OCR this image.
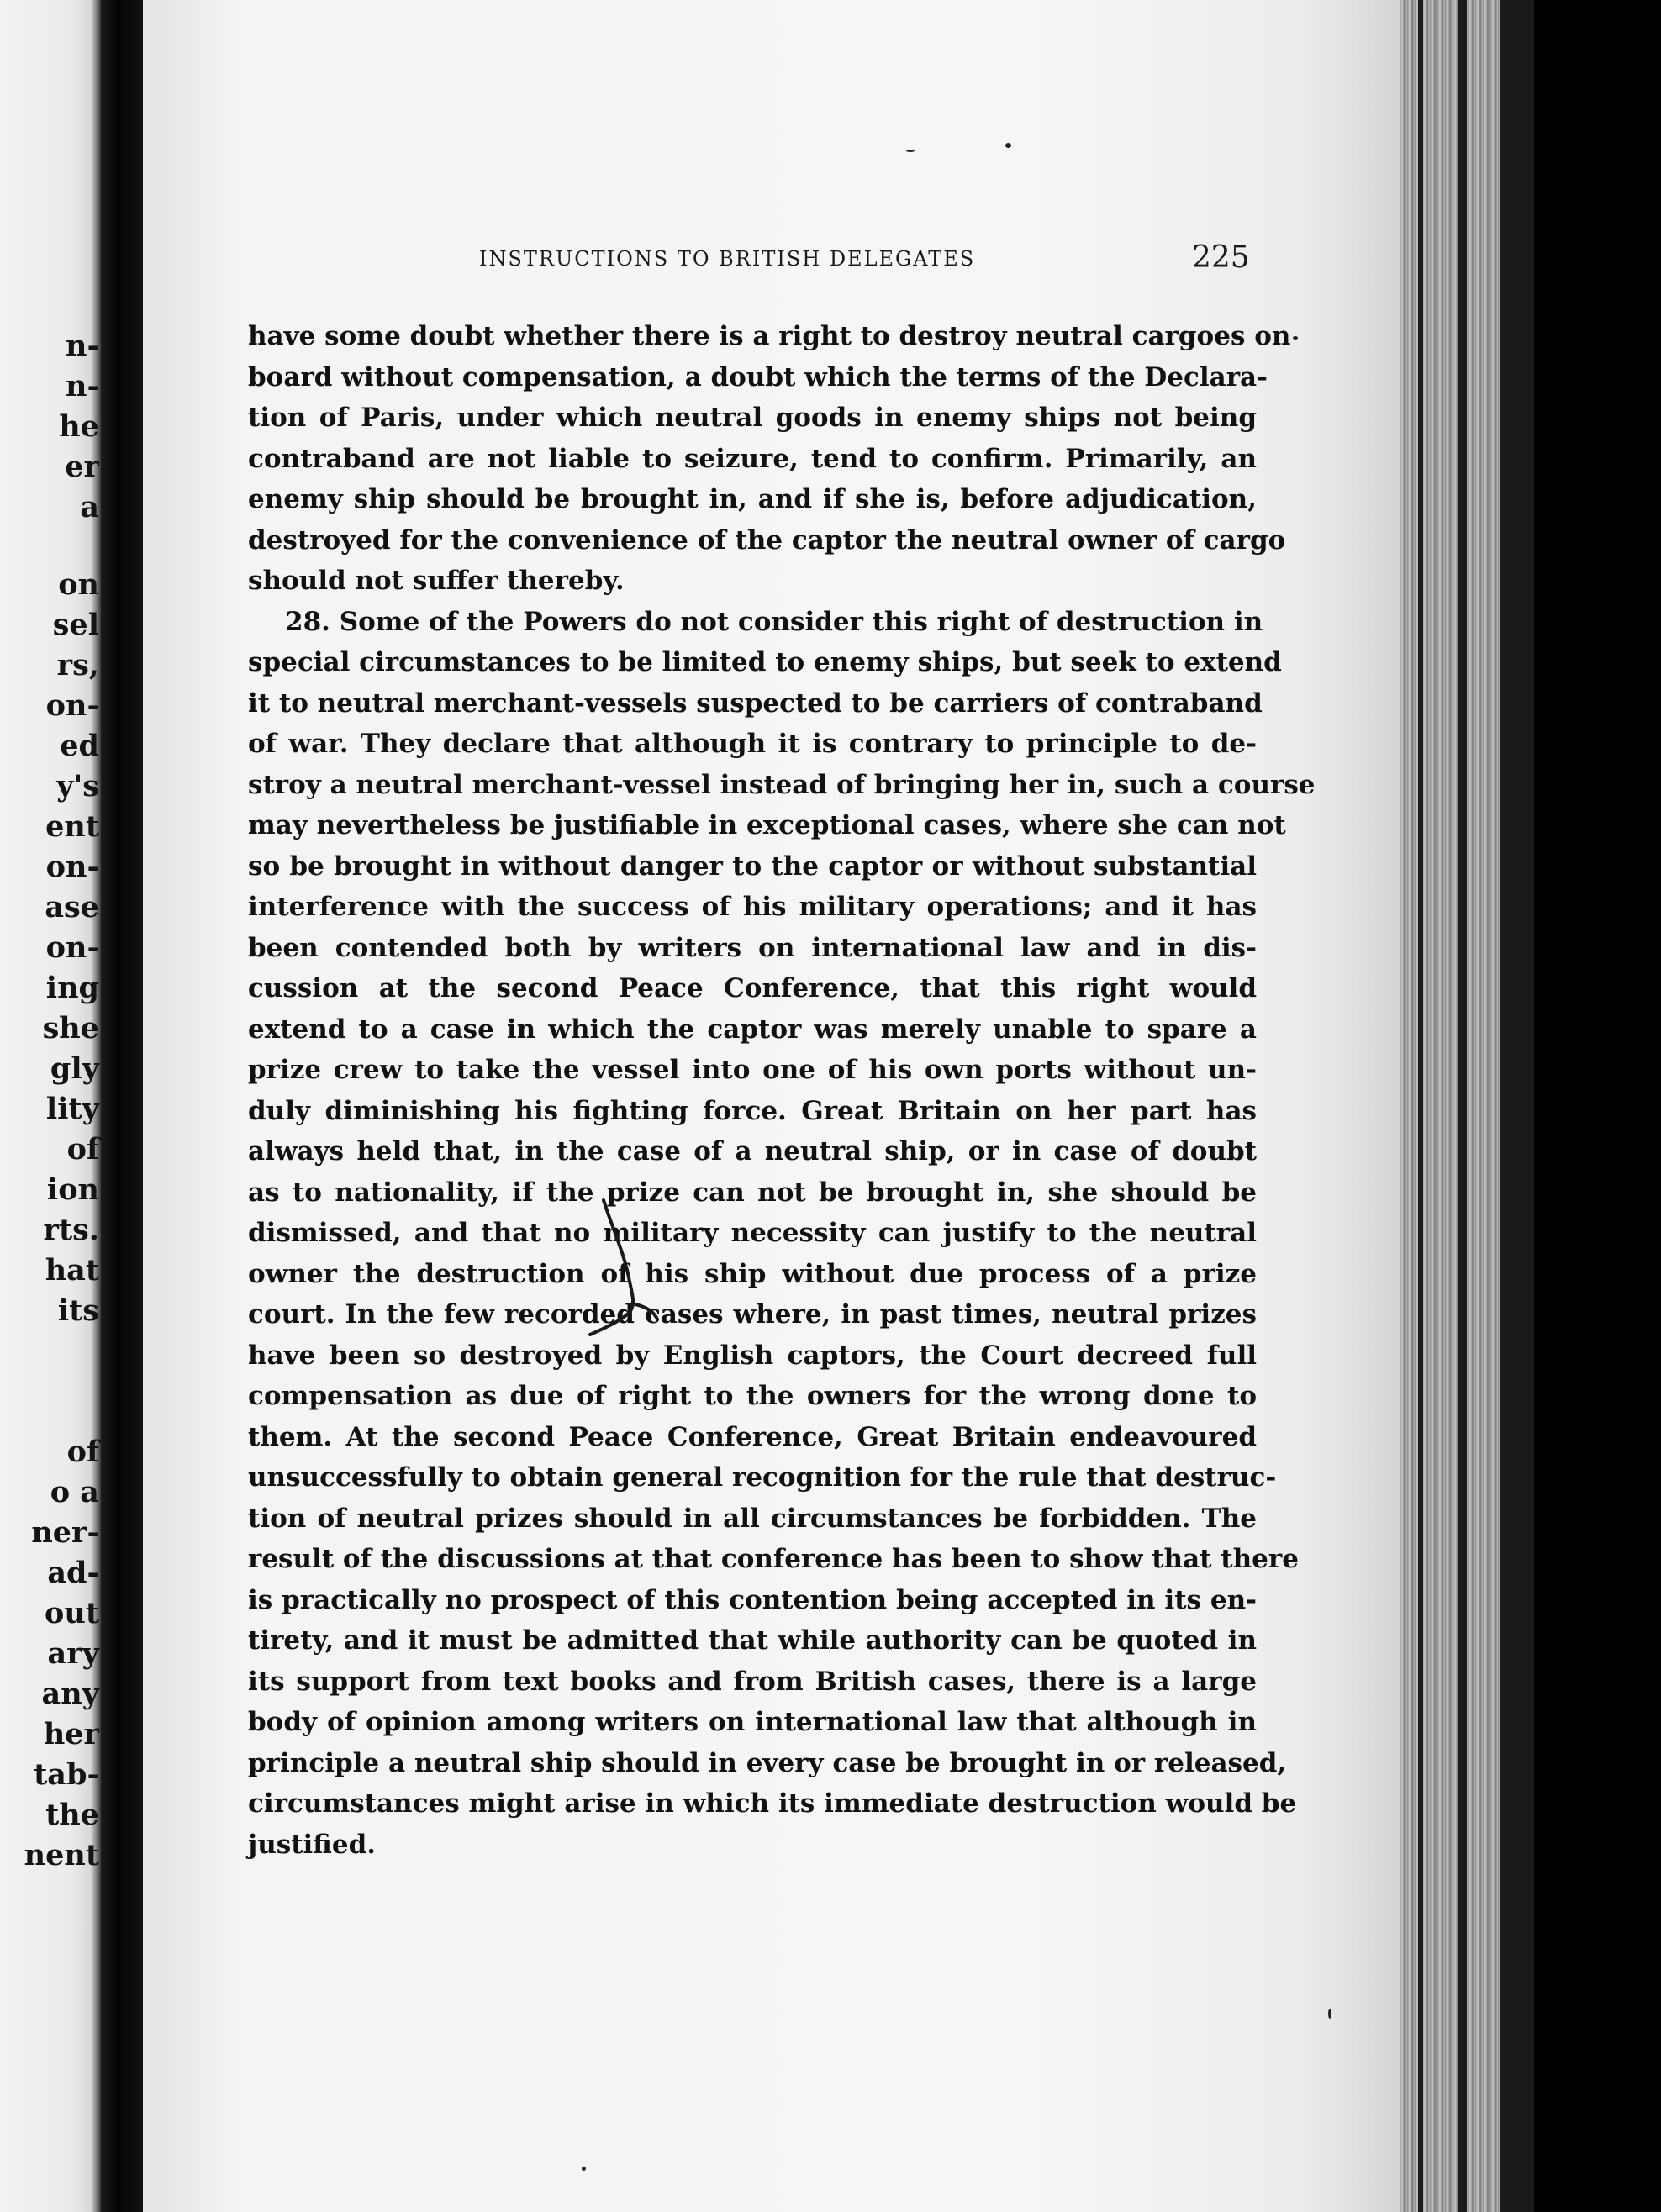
n-
n-
he
er
a
on
sel
rs,
on-
ed
y's
ent
on-
ase
on-
ing
she
gly
lity
of
ion
rts.
hat
its
of
o a
ner-
ad-
out
ary
any
her
tab-
the
nent
INSTRUCTIONS TO BRITISH DELEGATES	225
have some doubt whether there is a right to destroy neutral cargoes on
board without compensation, a doubt which the terms of the Declara-
tion of Paris, under which neutral goods in enemy ships not being
contraband are not liable to seizure, tend to confirm. Primarily, an
enemy ship should be brought in, and if she is, before adjudication,
destroyed for the convenience of the captor the neutral owner of cargo
should not suffer thereby.
28. Some of the Powers do not consider this right of destruction in
special circumstances to be limited to enemy ships, but seek to extend
it to neutral merchant-vessels suspected to be carriers of contraband
of war. They declare that although it is contrary to principle to de-
stroy a neutral merchant-vessel instead of bringing her in, such a course
may nevertheless be justifiable in exceptional cases, where she can not
so be brought in without danger to the captor or without substantial
interference with the success of his military operations; and it has
been contended both by writers on international law and in dis-
cussion at the second Peace Conference, that this right would
extend to a case in which the captor was merely unable to spare a
prize crew to take the vessel into one of his own ports without un-
duly diminishing his fighting force. Great Britain on her part has
always held that, in the case of a neutral ship, or in case of doubt
as to nationality, if the prize can not be brought in, she should be
dismissed, and that no military necessity can justify to the neutral
owner the destruction of his ship without due process of a prize
court. In the few recorded cases where, in past times, neutral prizes
have been so destroyed by English captors, the Court decreed full
compensation as due of right to the owners for the wrong done to
them. At the second Peace Conference, Great Britain endeavoured
unsuccessfully to obtain general recognition for the rule that destruc-
tion of neutral prizes should in all circumstances be forbidden. The
result of the discussions at that conference has been to show that there
is practically no prospect of this contention being accepted in its en-
tirety, and it must be admitted that while authority can be quoted in
its support from text books and from British cases, there is a large
body of opinion among writers on international law that although in
principle a neutral ship should in every case be brought in or released,
circumstances might arise in which its immediate destruction would be
justified.
